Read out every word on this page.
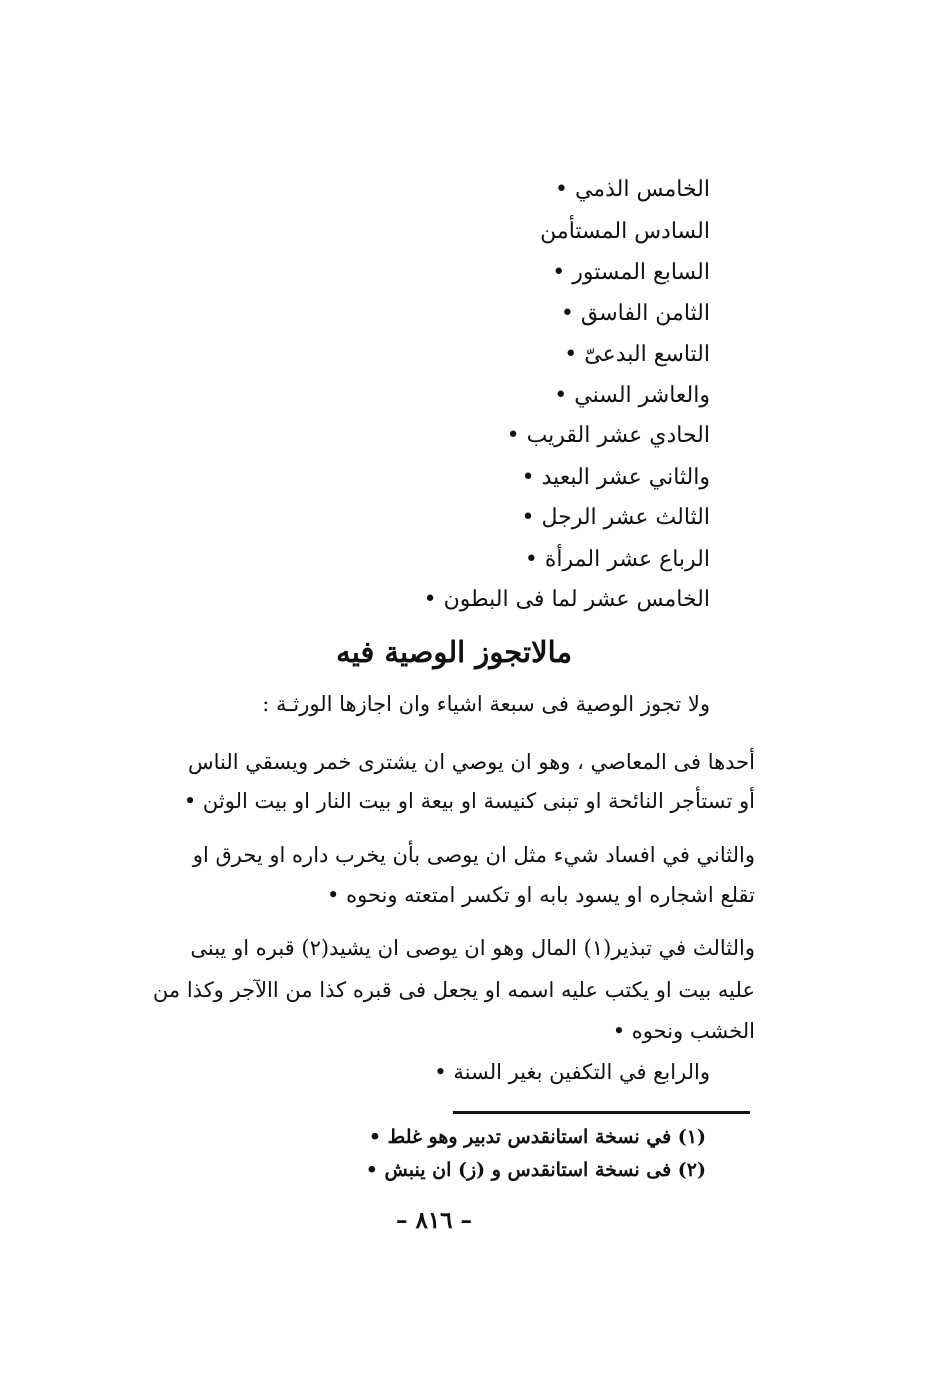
الخامس الذمي •
السادس المستأمن
السابع المستور •
الثامن الفاسق •
التاسع البدعىّ •
والعاشر السني •
الحادي عشر القريب •
والثاني عشر البعيد •
الثالث عشر الرجل •
الرباع عشر المرأة •
الخامس عشر لما فى البطون •
مالاتجوز الوصية فيه
ولا تجوز الوصية فى سبعة اشياء وان اجازها الورثـة :
أحدها فى المعاصي ، وهو ان يوصي ان يشترى خمر ويسقي الناس
أو تستأجر النائحة او تبنى كنيسة او بيعة او بيت النار او بيت الوثن •
والثاني في افساد شيء مثل ان يوصى بأن يخرب داره او يحرق او
تقلع اشجاره او يسود بابه او تكسر امتعته ونحوه •
والثالث في تبذير(١) المال وهو ان يوصى ان يشيد(٢) قبره او يبنى
عليه بيت او يكتب عليه اسمه او يجعل فى قبره كذا من االآجر وكذا من
الخشب ونحوه •
والرابع في التكفين بغير السنة •
(١) في نسخة استانقدس تدبير وهو غلط •
(٢) فى نسخة استانقدس و (ز) ان ينبش •
– ٨١٦ –
